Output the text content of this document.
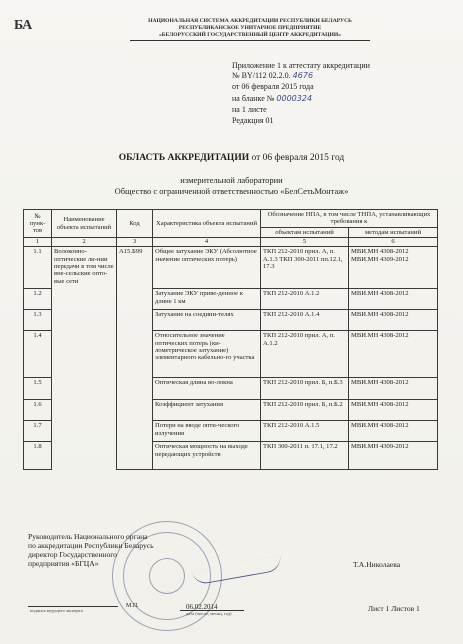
БА	НАЦИОНАЛЬНАЯ СИСТЕМА АККРЕДИТАЦИИ РЕСПУБЛИКИ БЕЛАРУСЬ
РЕСПУБЛИКАНСКОЕ УНИТАРНОЕ ПРЕДПРИЯТИЕ
«БЕЛОРУССКИЙ ГОСУДАРСТВЕННЫЙ ЦЕНТР АККРЕДИТАЦИИ»
Приложение 1 к аттестату аккредитации
№ BY/112 02.2.0. 4676
от 06 февраля 2015 года
на бланке № 0000324
на 1 листе
Редакция 01
ОБЛАСТЬ АККРЕДИТАЦИИ от 06 февраля 2015 год
измерительной лаборатории
Общество с ограниченной ответственностью «БелСетьМонтаж»
№ пунк-тов	Наименование объекта испытаний	Код	Характеристика объекта испытаний	Обозначение НПА, в том числе ТНПА, устанавливающих требования к	
				объектам испытаний	методам испытаний
1	2	3	4	5	6
1.1	Волоконно-оптические ли-нии передачи в том числе вне-сельские опто-вые сети	A15.Б99	Общее затухание ЭКУ (Абсолютное значение оптических потерь)	ТКП 212-2010 прил. А, п. А.1.3 ТКП 300-2011 пп.12.1, 17.3	МВИ.МН 4308-2012 МВИ.МН 4309-2012
1.2			Затухание ЭКУ приве-денное к длине 1 км	ТКП 212-2010 А.1.2	МВИ.МН 4308-2012
1.3			Затухание на соедини-телях	ТКП 212-2010 А.1.4	МВИ.МН 4308-2012
1.4			Относительное значение оптических потерь (ки-лометрическое затухание) элементарного кабельно-го участка	ТКП 212-2010 прил. А, п. А.1.2	МВИ.МН 4308-2012
1.5			Оптическая длина во-локна	ТКП 212-2010 прил. Б, п.Б.3	МВИ.МН 4308-2012
1.6			Коэффициент затухания	ТКП 212-2010 прил. Б, п.Б.2	МВИ.МН 4308-2012
1.7			Потери на вводе опти-ческого излучения	ТКП 212-2010 А.1.5	МВИ.МН 4308-2012
1.8			Оптическая мощность на выходе передающих устройств	ТКП 300-2011 п. 17.1, 17.2	МВИ.МН 4309-2012
Руководитель Национального органа
по аккредитации Республики Беларусь
директор Государственного
предприятия «БГЦА»	Т.А.Николаева
М.П.	06.02.2014
подпись ведущего эксперта
дата (число, месяц, год)
Лист 1 Листов 1
